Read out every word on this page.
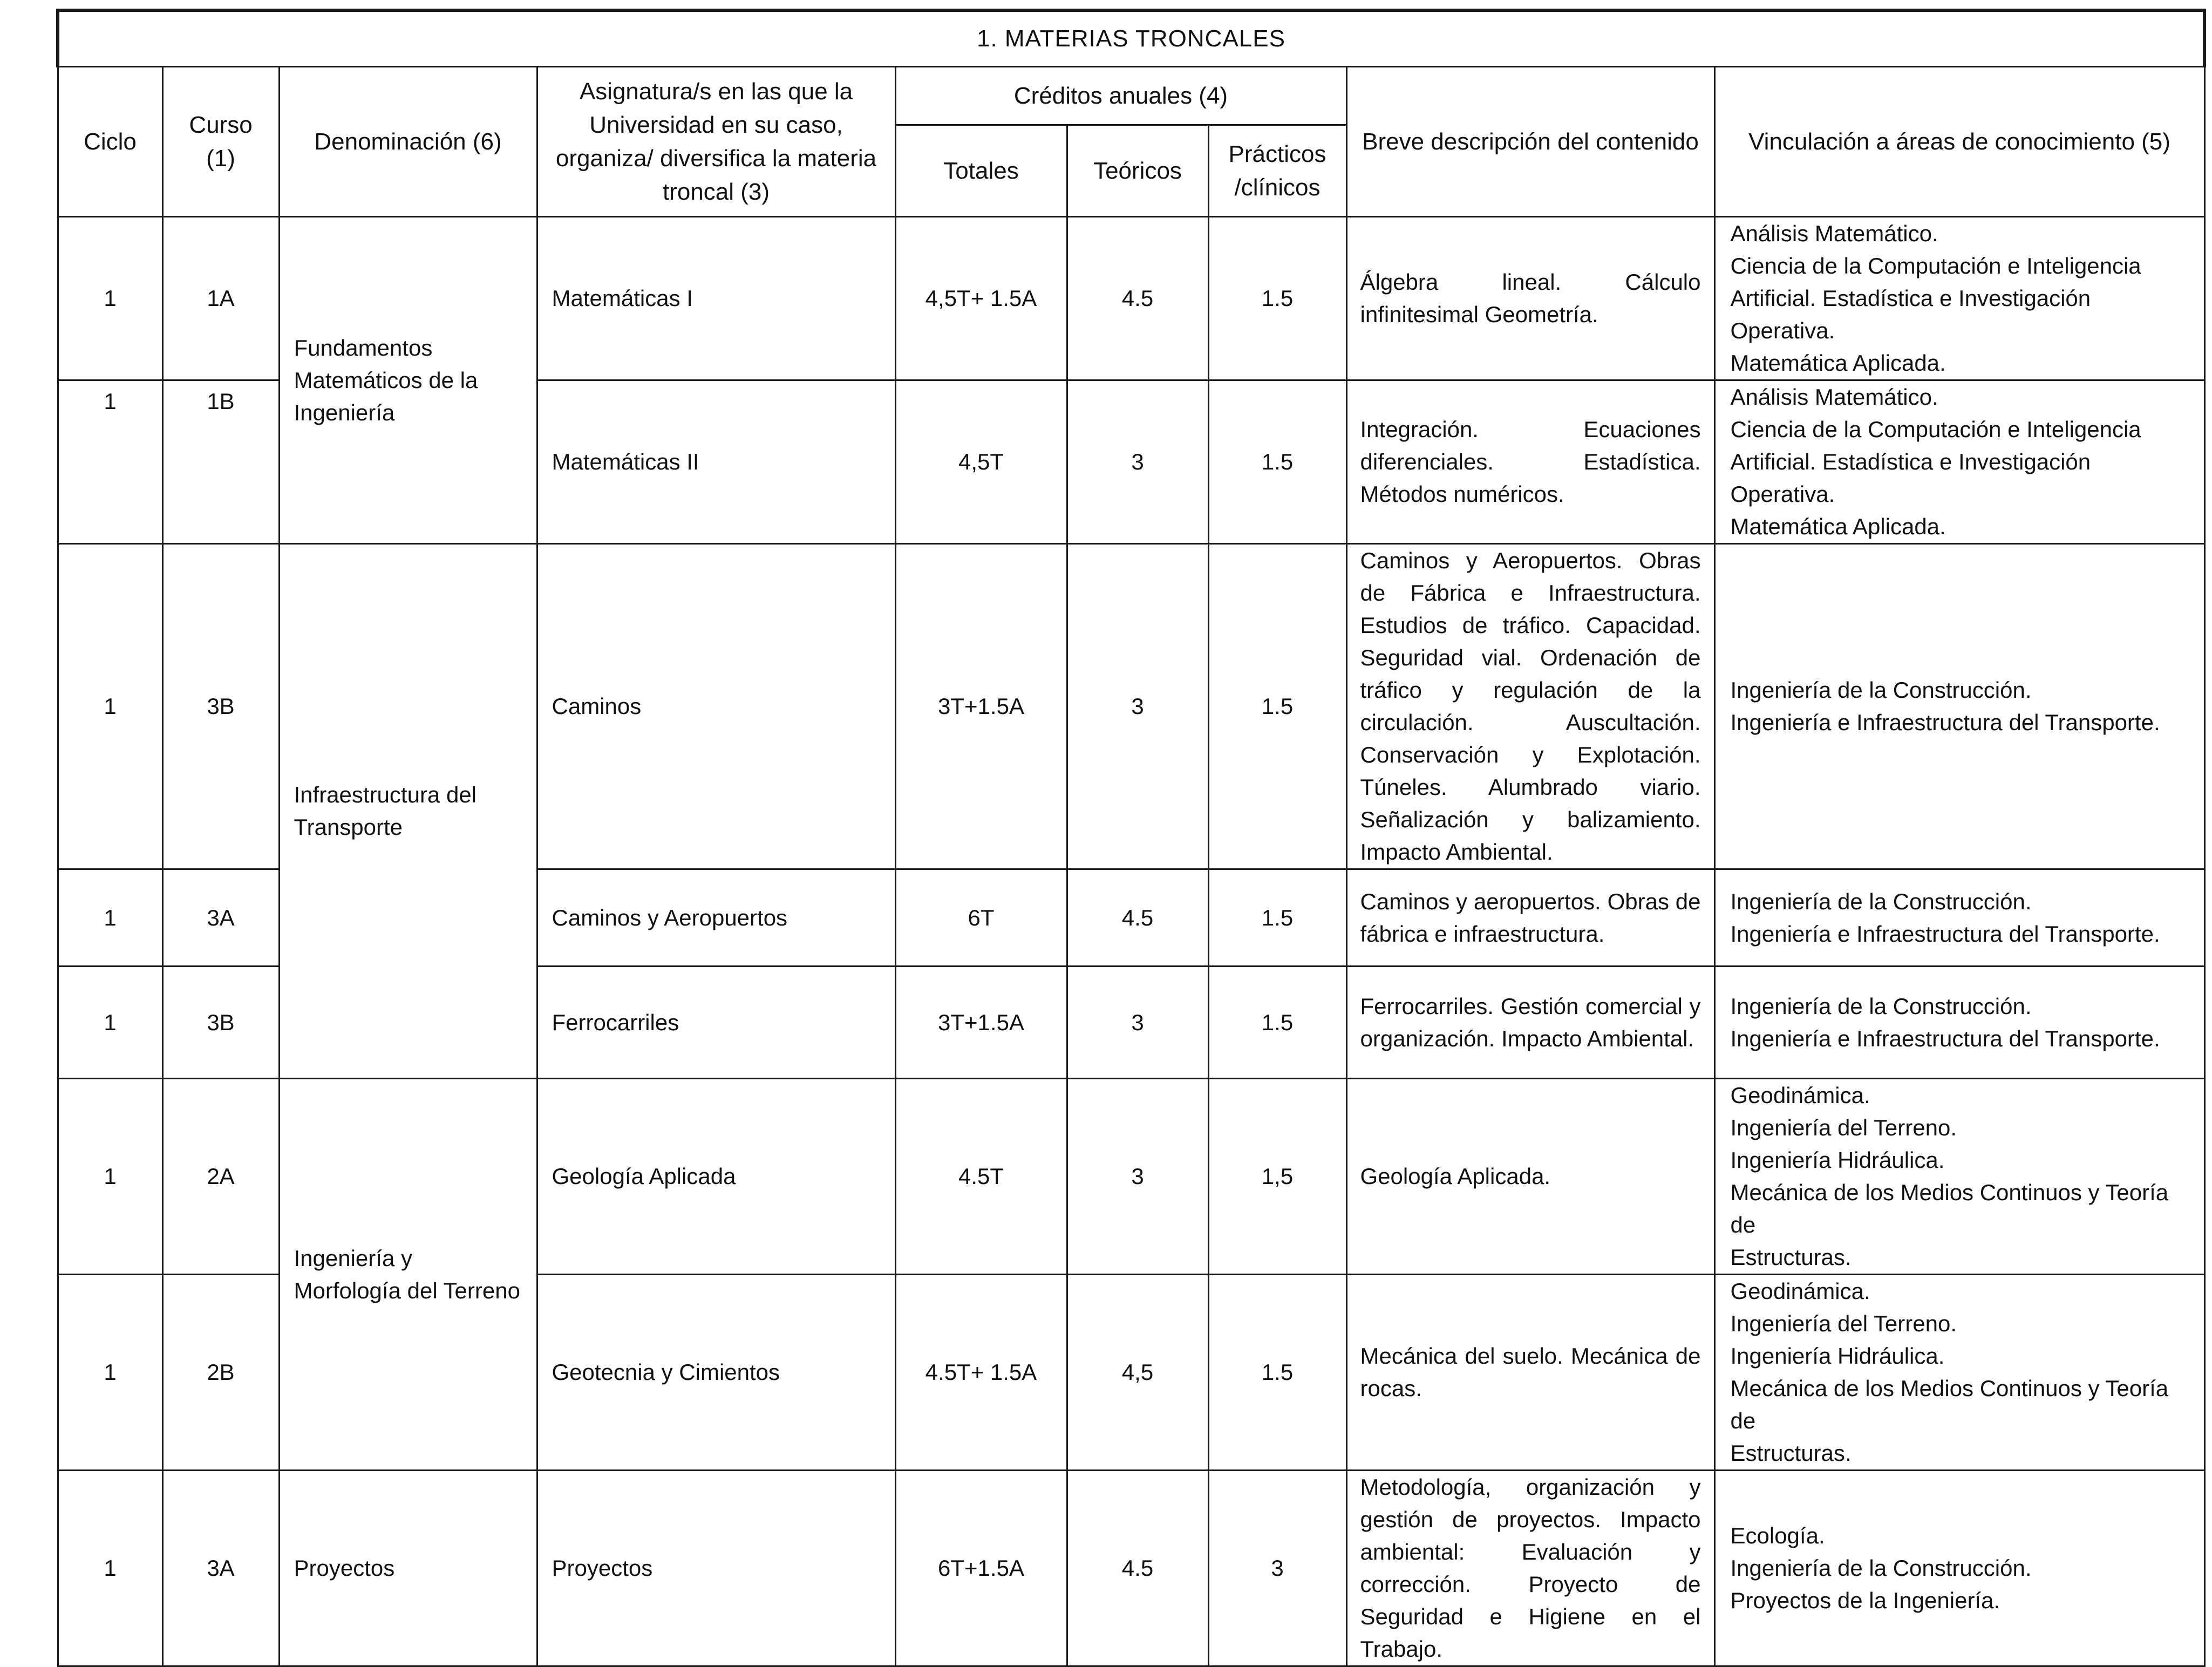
1. MATERIAS TRONCALES								
Ciclo	Curso (1)	Denominación (6)	Asignatura/s en las que la Universidad en su caso, organiza/ diversifica la materia troncal (3)	Créditos anuales (4)			Breve descripción del contenido	Vinculación a áreas de conocimiento (5)
				Totales	Teóricos	Prácticos /clínicos		
1	1A	Fundamentos Matemáticos de la Ingeniería	Matemáticas I	4,5T+ 1.5A	4.5	1.5	Álgebra lineal. Cálculo infinitesimal Geometría.	Análisis Matemático.
Ciencia de la Computación e Inteligencia
Artificial. Estadística e Investigación Operativa.
Matemática Aplicada.

1	1B		Matemáticas II	4,5T	3	1.5	Integración. Ecuaciones diferenciales. Estadística. Métodos numéricos.	Análisis Matemático.
Ciencia de la Computación e Inteligencia
Artificial. Estadística e Investigación Operativa.
Matemática Aplicada.

1	3B	Infraestructura del Transporte	Caminos	3T+1.5A	3	1.5	Caminos y Aeropuertos. Obras de Fábrica e Infraestructura. Estudios de tráfico. Capacidad. Seguridad vial. Ordenación de tráfico y regulación de la circulación. Auscultación. Conservación y Explotación. Túneles. Alumbrado viario. Señalización y balizamiento. Impacto Ambiental.	Ingeniería de la Construcción.
Ingeniería e Infraestructura del Transporte.

1	3A		Caminos y Aeropuertos	6T	4.5	1.5	Caminos y aeropuertos. Obras de fábrica e infraestructura.	Ingeniería de la Construcción.
Ingeniería e Infraestructura del Transporte.

1	3B		Ferrocarriles	3T+1.5A	3	1.5	Ferrocarriles. Gestión comercial y organización. Impacto Ambiental.	Ingeniería de la Construcción.
Ingeniería e Infraestructura del Transporte.

1	2A	Ingeniería y Morfología del Terreno	Geología Aplicada	4.5T	3	1,5	Geología Aplicada.	Geodinámica.
Ingeniería del Terreno.
Ingeniería Hidráulica.
Mecánica de los Medios Continuos y Teoría de
Estructuras.

1	2B		Geotecnia y Cimientos	4.5T+ 1.5A	4,5	1.5	Mecánica del suelo. Mecánica de rocas.	Geodinámica.
Ingeniería del Terreno.
Ingeniería Hidráulica.
Mecánica de los Medios Continuos y Teoría de
Estructuras.

1	3A	Proyectos	Proyectos	6T+1.5A	4.5	3	Metodología, organización y gestión de proyectos. Impacto ambiental: Evaluación y corrección. Proyecto de Seguridad e Higiene en el Trabajo.	Ecología.
Ingeniería de la Construcción.
Proyectos de la Ingeniería.
